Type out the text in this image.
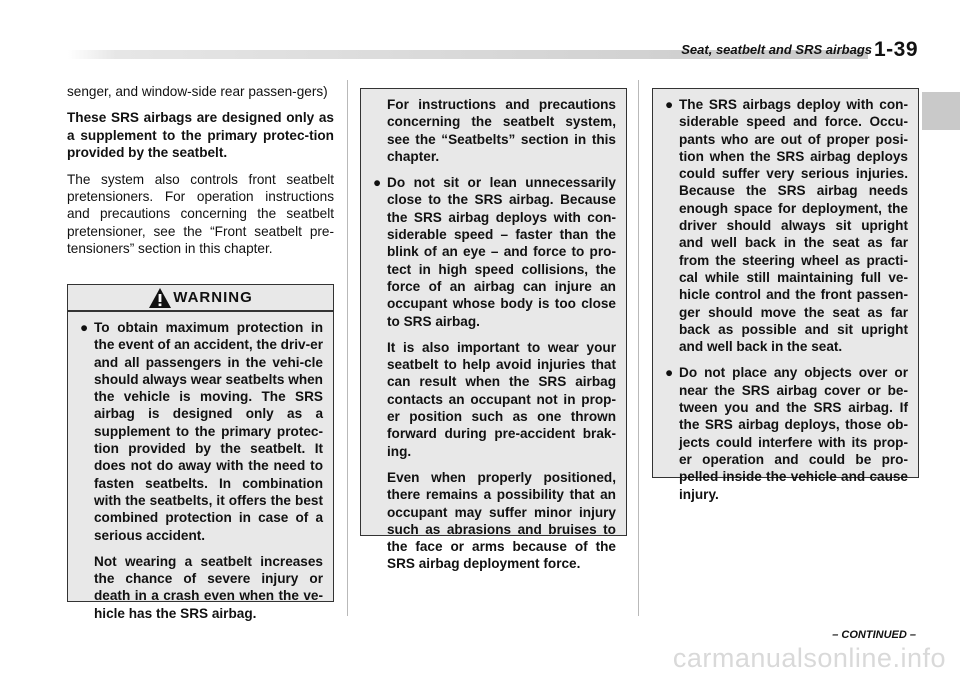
Seat, seatbelt and SRS airbags 1-39

senger, and window-side rear passen-gers)

These SRS airbags are designed only as a supplement to the primary protec-tion provided by the seatbelt.

The system also controls front seatbelt pretensioners. For operation instructions and precautions concerning the seatbelt pretensioner, see the “Front seatbelt pre-tensioners” section in this chapter.

WARNING
● To obtain maximum protection in the event of an accident, the driv-er and all passengers in the vehi-cle should always wear seatbelts when the vehicle is moving. The SRS airbag is designed only as a supplement to the primary protec-tion provided by the seatbelt. It does not do away with the need to fasten seatbelts. In combination with the seatbelts, it offers the best combined protection in case of a serious accident.
Not wearing a seatbelt increases the chance of severe injury or death in a crash even when the ve-hicle has the SRS airbag.
For instructions and precautions concerning the seatbelt system, see the “Seatbelts” section in this chapter.
● Do not sit or lean unnecessarily close to the SRS airbag. Because the SRS airbag deploys with con-siderable speed – faster than the blink of an eye – and force to pro-tect in high speed collisions, the force of an airbag can injure an occupant whose body is too close to SRS airbag.
It is also important to wear your seatbelt to help avoid injuries that can result when the SRS airbag contacts an occupant not in prop-er position such as one thrown forward during pre-accident brak-ing.
Even when properly positioned, there remains a possibility that an occupant may suffer minor injury such as abrasions and bruises to the face or arms because of the SRS airbag deployment force.
● The SRS airbags deploy with con-siderable speed and force. Occu-pants who are out of proper posi-tion when the SRS airbag deploys could suffer very serious injuries. Because the SRS airbag needs enough space for deployment, the driver should always sit upright and well back in the seat as far from the steering wheel as practi-cal while still maintaining full ve-hicle control and the front passen-ger should move the seat as far back as possible and sit upright and well back in the seat.
● Do not place any objects over or near the SRS airbag cover or be-tween you and the SRS airbag. If the SRS airbag deploys, those ob-jects could interfere with its prop-er operation and could be pro-pelled inside the vehicle and cause injury.
– CONTINUED –
carmanualsonline.info
